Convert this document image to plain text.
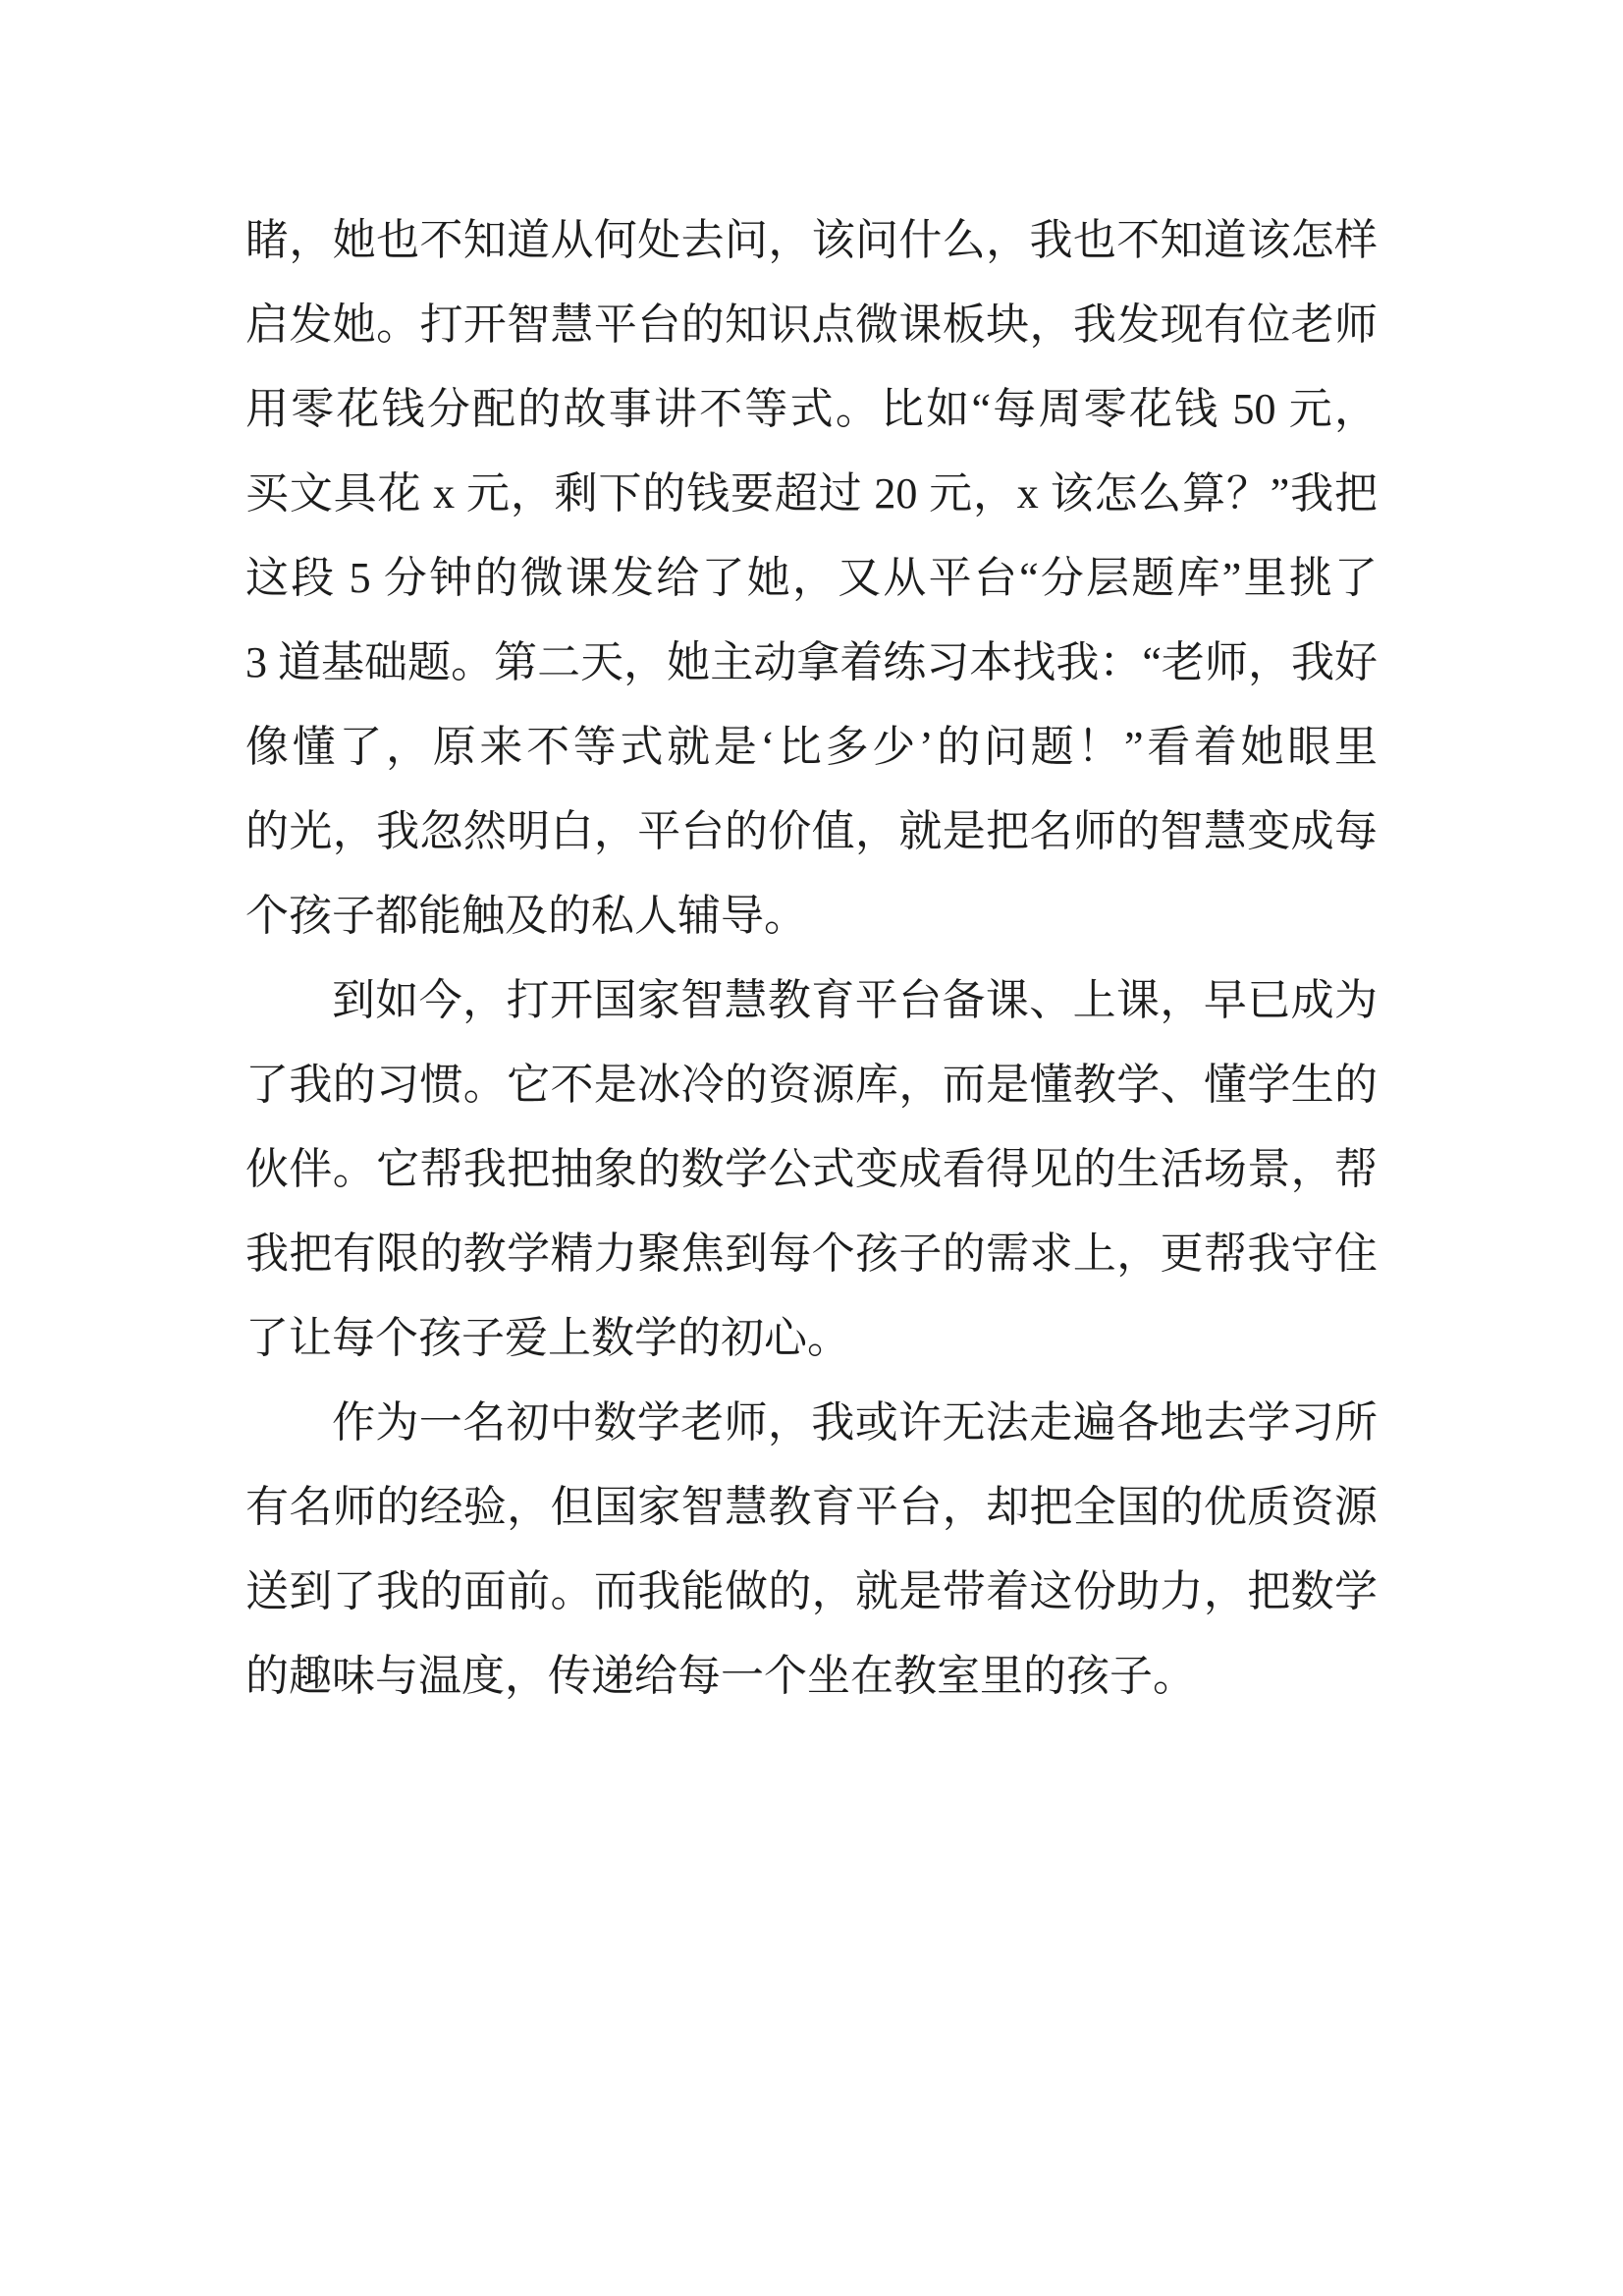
睹，她也不知道从何处去问，该问什么，我也不知道该怎样
启发她。打开智慧平台的知识点微课板块，我发现有位老师
用零花钱分配的故事讲不等式。比如“每周零花钱 50 元，
买文具花 x 元，剩下的钱要超过 20 元，x 该怎么算？”我把
这段 5 分钟的微课发给了她，又从平台“分层题库”里挑了
3 道基础题。第二天，她主动拿着练习本找我：“老师，我好
像懂了，原来不等式就是‘比多少’的问题！”看着她眼里
的光，我忽然明白，平台的价值，就是把名师的智慧变成每
个孩子都能触及的私人辅导。
到如今，打开国家智慧教育平台备课、上课，早已成为
了我的习惯。它不是冰冷的资源库，而是懂教学、懂学生的
伙伴。它帮我把抽象的数学公式变成看得见的生活场景，帮
我把有限的教学精力聚焦到每个孩子的需求上，更帮我守住
了让每个孩子爱上数学的初心。
作为一名初中数学老师，我或许无法走遍各地去学习所
有名师的经验，但国家智慧教育平台，却把全国的优质资源
送到了我的面前。而我能做的，就是带着这份助力，把数学
的趣味与温度，传递给每一个坐在教室里的孩子。
